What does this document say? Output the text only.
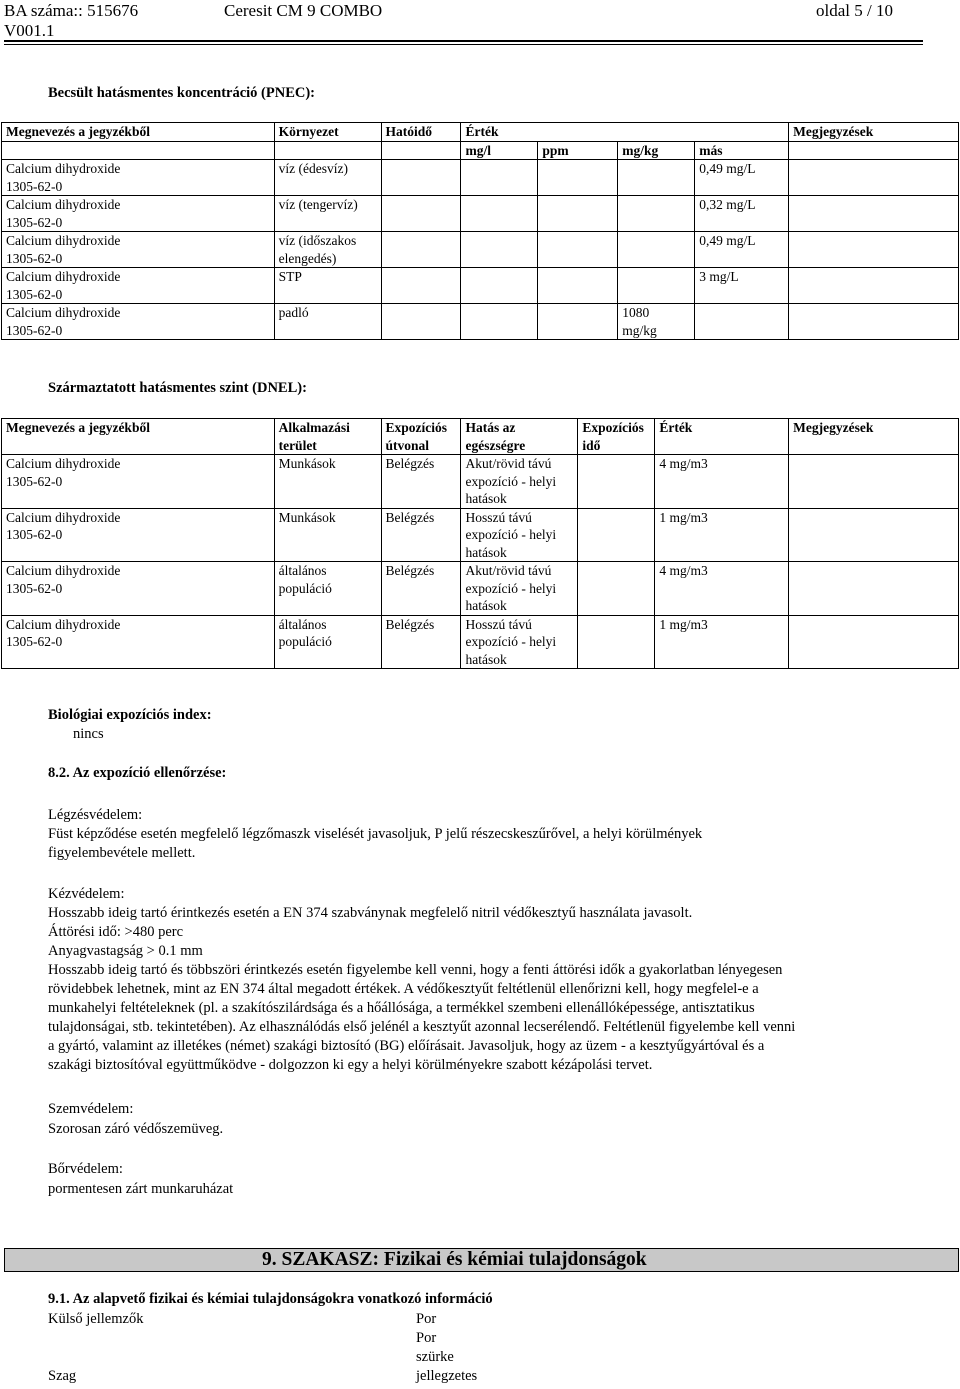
BA száma:: 515676	Ceresit CM 9 COMBO	oldal 5 / 10
V001.1
Becsült hatásmentes koncentráció (PNEC):
Megnevezés a jegyzékből	Környezet	Hatóidő	Érték				Megjegyzések
			mg/l	ppm	mg/kg	más	
Calcium dihydroxide
1305-62-0	víz (édesvíz)					0,49 mg/L	
Calcium dihydroxide
1305-62-0	víz (tengervíz)					0,32 mg/L	
Calcium dihydroxide
1305-62-0	víz (időszakos
elengedés)					0,49 mg/L	
Calcium dihydroxide
1305-62-0	STP					3 mg/L	
Calcium dihydroxide
1305-62-0	padló				1080
mg/kg		
Származtatott hatásmentes szint (DNEL):
Megnevezés a jegyzékből	Alkalmazási
terület	Expozíciós
útvonal	Hatás az
egészségre	Expozíciós
idő	Érték	Megjegyzések
Calcium dihydroxide
1305-62-0	Munkások	Belégzés	Akut/rövid távú
expozíció - helyi
hatások		4 mg/m3	
Calcium dihydroxide
1305-62-0	Munkások	Belégzés	Hosszú távú
expozíció - helyi
hatások		1 mg/m3	
Calcium dihydroxide
1305-62-0	általános
populáció	Belégzés	Akut/rövid távú
expozíció - helyi
hatások		4 mg/m3	
Calcium dihydroxide
1305-62-0	általános
populáció	Belégzés	Hosszú távú
expozíció - helyi
hatások		1 mg/m3	
Biológiai expozíciós index:
nincs
8.2. Az expozíció ellenőrzése:
Légzésvédelem:
Füst képződése esetén megfelelő légzőmaszk viselését javasoljuk, P jelű részecskeszűrővel, a helyi körülmények
figyelembevétele mellett.
Kézvédelem:
Hosszabb ideig tartó érintkezés esetén a EN 374 szabványnak megfelelő nitril védőkesztyű használata javasolt.
Áttörési idő: >480 perc
Anyagvastagság > 0.1 mm
Hosszabb ideig tartó és többszöri érintkezés esetén figyelembe kell venni, hogy a fenti áttörési idők a gyakorlatban lényegesen
rövidebbek lehetnek, mint az EN 374 által megadott értékek. A védőkesztyűt feltétlenül ellenőrizni kell, hogy megfelel-e a
munkahelyi feltételeknek (pl. a szakítószilárdsága és a hőállósága, a termékkel szembeni ellenállóképessége, antisztatikus
tulajdonságai, stb. tekintetében). Az elhasználódás első jelénél a kesztyűt azonnal lecserélendő. Feltétlenül figyelembe kell venni
a gyártó, valamint az illetékes (német) szakági biztosító (BG) előírásait. Javasoljuk, hogy az üzem - a kesztyűgyártóval és a
szakági biztosítóval együttműködve - dolgozzon ki egy a helyi körülményekre szabott kézápolási tervet.
Szemvédelem:
Szorosan záró védőszemüveg.
Bőrvédelem:
pormentesen zárt munkaruházat
9. SZAKASZ: Fizikai és kémiai tulajdonságok
9.1. Az alapvető fizikai és kémiai tulajdonságokra vonatkozó információ
Külső jellemzők	Por
Por
szürke
Szag	jellegzetes
